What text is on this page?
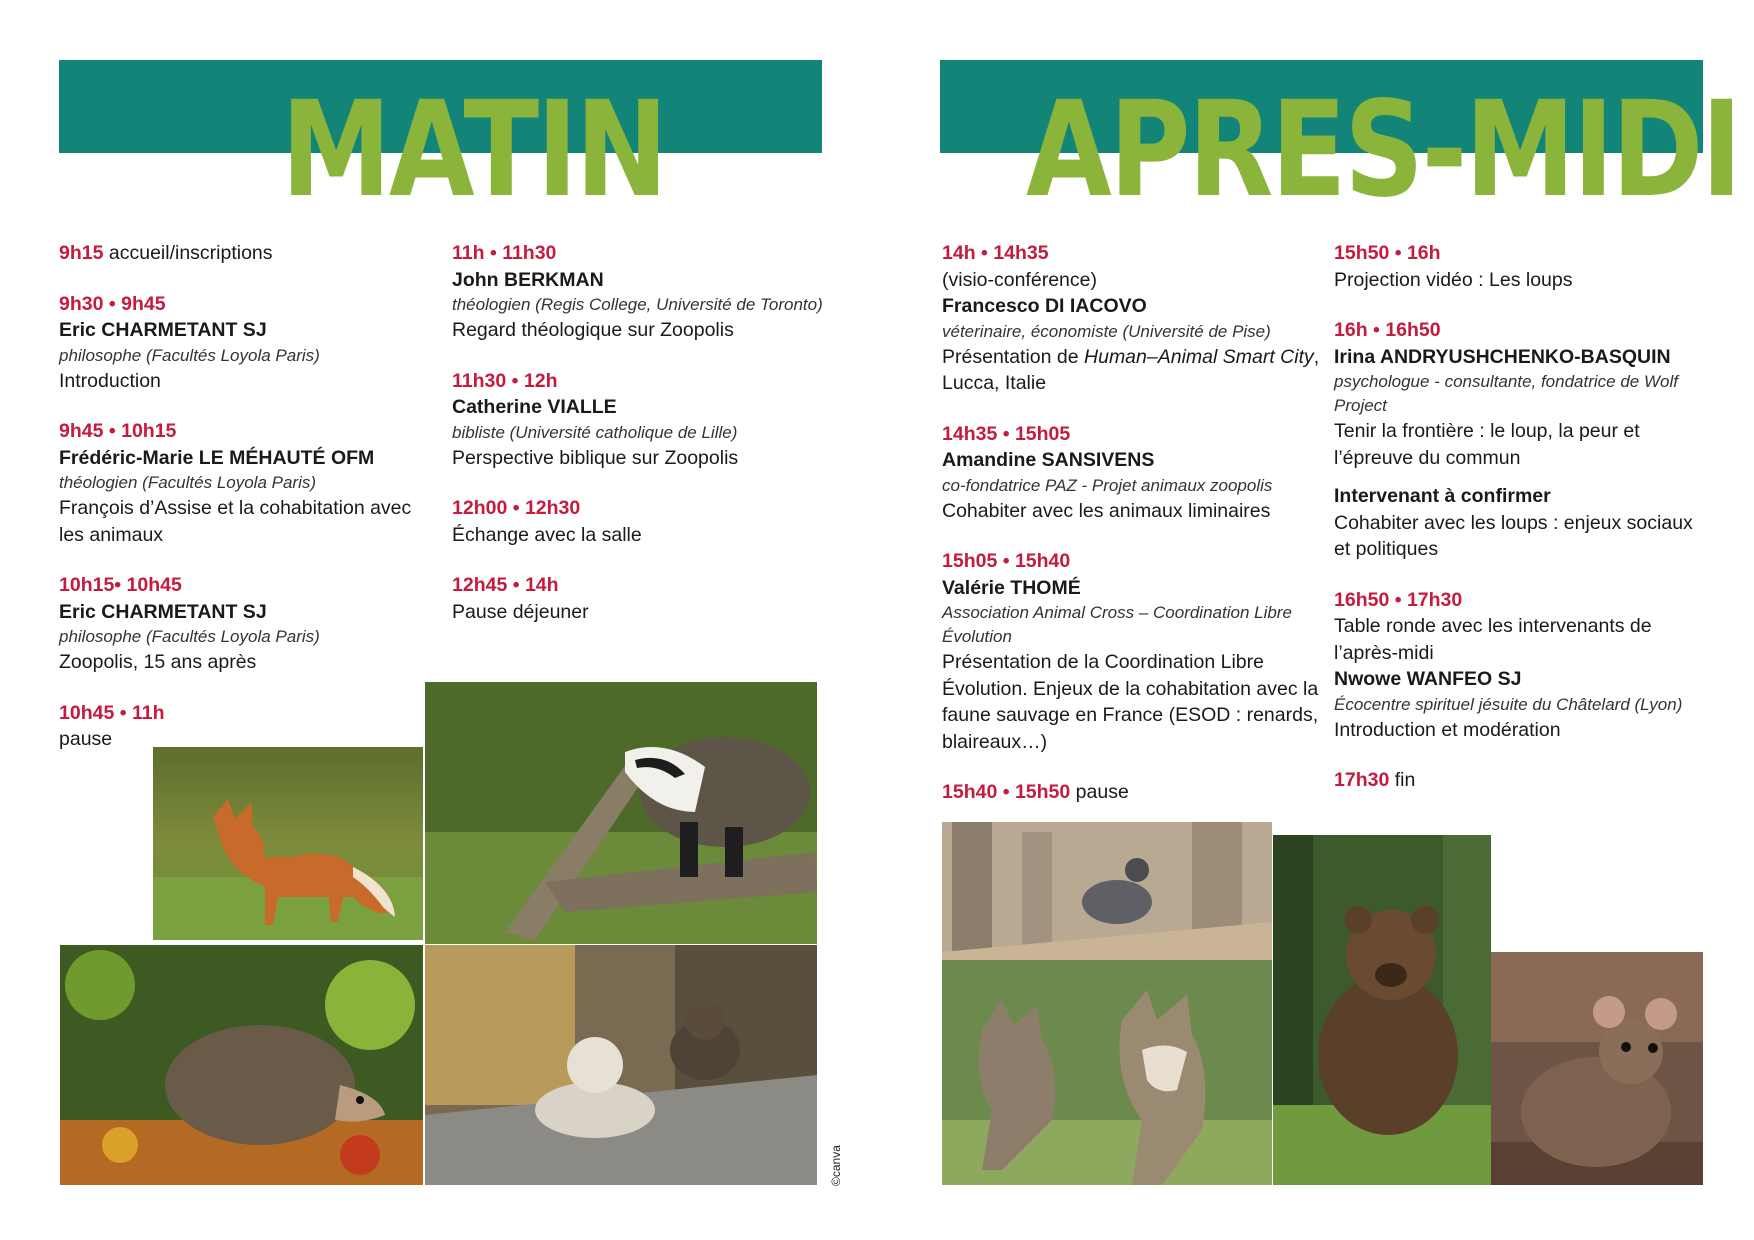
MATIN
9h15 accueil/inscriptions
9h30 • 9h45
Eric CHARMETANT SJ
philosophe (Facultés Loyola Paris)
Introduction
9h45 • 10h15
Frédéric-Marie LE MÉHAUTÉ OFM
théologien (Facultés Loyola Paris)
François d’Assise et la cohabitation avec les animaux
10h15• 10h45
Eric CHARMETANT SJ
philosophe (Facultés Loyola Paris)
Zoopolis, 15 ans après
10h45 • 11h
pause
11h • 11h30
John BERKMAN
théologien (Regis College, Université de Toronto)
Regard théologique sur Zoopolis
11h30 • 12h
Catherine VIALLE
bibliste (Université catholique de Lille)
Perspective biblique sur Zoopolis
12h00 • 12h30
Échange avec la salle
12h45 • 14h
Pause déjeuner
©canva
APRES-MIDI
14h • 14h35
(visio-conférence)
Francesco DI IACOVO
véterinaire, économiste (Université de Pise)
Présentation de Human–Animal Smart City, Lucca, Italie
14h35 • 15h05
Amandine SANSIVENS
co-fondatrice PAZ - Projet animaux zoopolis
Cohabiter avec les animaux liminaires
15h05 • 15h40
Valérie THOMÉ
Association Animal Cross – Coordination Libre Évolution
Présentation de la Coordination Libre Évolution. Enjeux de la cohabitation avec la faune sauvage en France (ESOD : renards, blaireaux…)
15h40 • 15h50 pause
15h50 • 16h
Projection vidéo : Les loups
16h • 16h50
Irina ANDRYUSHCHENKO-BASQUIN
psychologue - consultante, fondatrice de Wolf Project
Tenir la frontière : le loup, la peur et l’épreuve du commun
Intervenant à confirmer
Cohabiter avec les loups : enjeux sociaux et politiques
16h50 • 17h30
Table ronde avec les intervenants de l’après-midi
Nwowe WANFEO SJ
Écocentre spirituel jésuite du Châtelard (Lyon)
Introduction et modération
17h30 fin
